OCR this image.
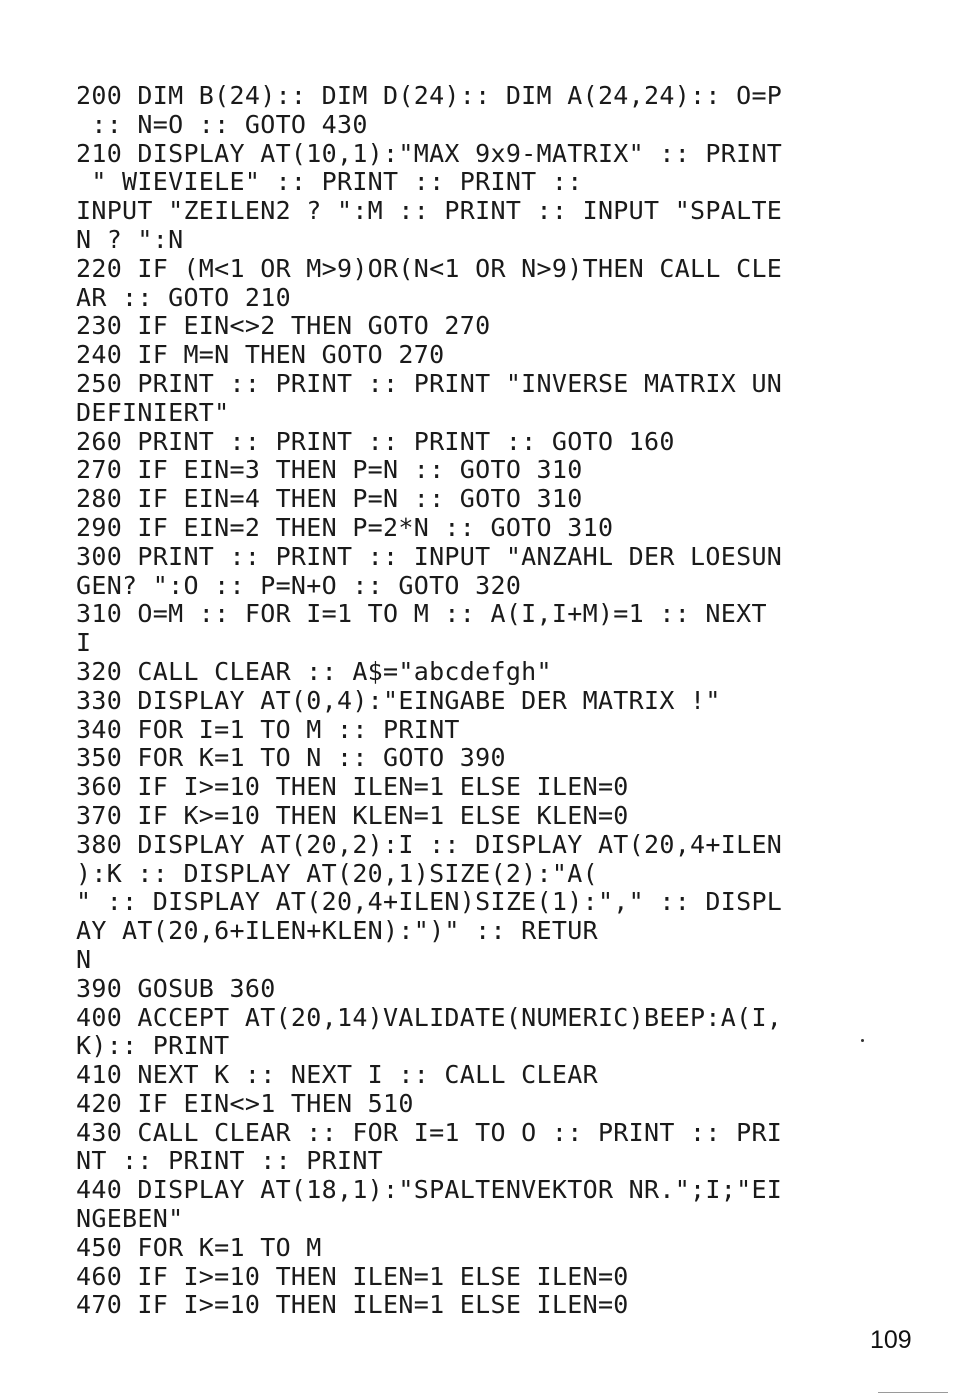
200 DIM B(24):: DIM D(24):: DIM A(24,24):: O=P
:: N=O :: GOTO 430
210 DISPLAY AT(10,1):"MAX 9x9-MATRIX" :: PRINT
" WIEVIELE" :: PRINT :: PRINT ::
INPUT "ZEILEN2 ? ":M :: PRINT :: INPUT "SPALTE
N ? ":N
220 IF (M<1 OR M>9)OR(N<1 OR N>9)THEN CALL CLE
AR :: GOTO 210
230 IF EIN<>2 THEN GOTO 270
240 IF M=N THEN GOTO 270
250 PRINT :: PRINT :: PRINT "INVERSE MATRIX UN
DEFINIERT"
260 PRINT :: PRINT :: PRINT :: GOTO 160
270 IF EIN=3 THEN P=N :: GOTO 310
280 IF EIN=4 THEN P=N :: GOTO 310
290 IF EIN=2 THEN P=2*N :: GOTO 310
300 PRINT :: PRINT :: INPUT "ANZAHL DER LOESUN
GEN? ":O :: P=N+O :: GOTO 320
310 O=M :: FOR I=1 TO M :: A(I,I+M)=1 :: NEXT
I
320 CALL CLEAR :: A$="abcdefgh"
330 DISPLAY AT(0,4):"EINGABE DER MATRIX !"
340 FOR I=1 TO M :: PRINT
350 FOR K=1 TO N :: GOTO 390
360 IF I>=10 THEN ILEN=1 ELSE ILEN=0
370 IF K>=10 THEN KLEN=1 ELSE KLEN=0
380 DISPLAY AT(20,2):I :: DISPLAY AT(20,4+ILEN
):K :: DISPLAY AT(20,1)SIZE(2):"A(
" :: DISPLAY AT(20,4+ILEN)SIZE(1):"," :: DISPL
AY AT(20,6+ILEN+KLEN):")" :: RETUR
N
390 GOSUB 360
400 ACCEPT AT(20,14)VALIDATE(NUMERIC)BEEP:A(I,
K):: PRINT
410 NEXT K :: NEXT I :: CALL CLEAR
420 IF EIN<>1 THEN 510
430 CALL CLEAR :: FOR I=1 TO O :: PRINT :: PRI
NT :: PRINT :: PRINT
440 DISPLAY AT(18,1):"SPALTENVEKTOR NR.";I;"EI
NGEBEN"
450 FOR K=1 TO M
460 IF I>=10 THEN ILEN=1 ELSE ILEN=0
470 IF I>=10 THEN ILEN=1 ELSE ILEN=0
109
